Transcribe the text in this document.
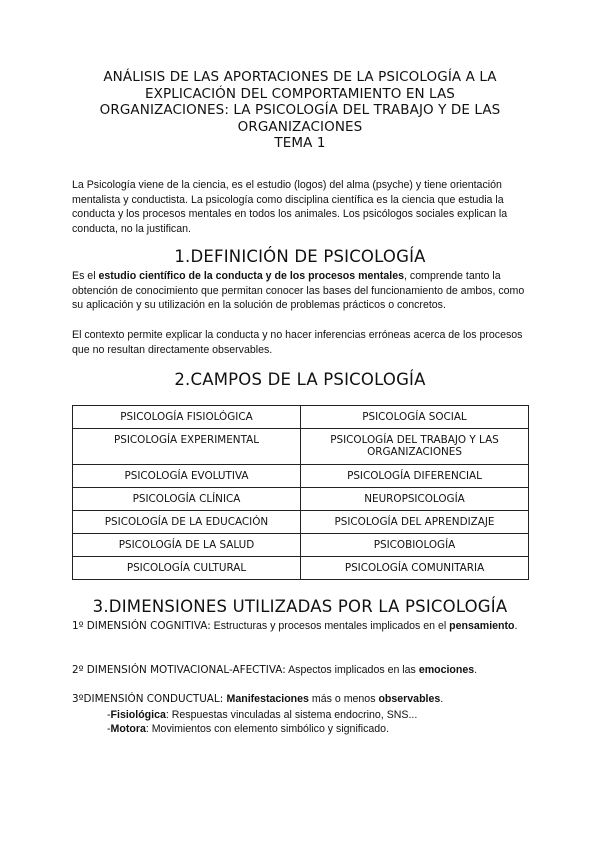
ANÁLISIS DE LAS APORTACIONES DE LA PSICOLOGÍA A LA
EXPLICACIÓN DEL COMPORTAMIENTO EN LAS
ORGANIZACIONES: LA PSICOLOGÍA DEL TRABAJO Y DE LAS
ORGANIZACIONES
TEMA 1
La Psicología viene de la ciencia, es el estudio (logos) del alma (psyche) y tiene orientación mentalista y conductista. La psicología como disciplina científica es la ciencia que estudia la conducta y los procesos mentales en todos los animales. Los psicólogos sociales explican la conducta, no la justifican.
1.DEFINICIÓN DE PSICOLOGÍA
Es el estudio científico de la conducta y de los procesos mentales, comprende tanto la obtención de conocimiento que permitan conocer las bases del funcionamiento de ambos, como su aplicación y su utilización en la solución de problemas prácticos o concretos.
El contexto permite explicar la conducta y no hacer inferencias erróneas acerca de los procesos que no resultan directamente observables.
2.CAMPOS DE LA PSICOLOGÍA
PSICOLOGÍA FISIOLÓGICA	PSICOLOGÍA SOCIAL
PSICOLOGÍA EXPERIMENTAL	PSICOLOGÍA DEL TRABAJO Y LAS ORGANIZACIONES
PSICOLOGÍA EVOLUTIVA	PSICOLOGÍA DIFERENCIAL
PSICOLOGÍA CLÍNICA	NEUROPSICOLOGÍA
PSICOLOGÍA DE LA EDUCACIÓN	PSICOLOGÍA DEL APRENDIZAJE
PSICOLOGÍA DE LA SALUD	PSICOBIOLOGÍA
PSICOLOGÍA CULTURAL	PSICOLOGÍA COMUNITARIA
3.DIMENSIONES UTILIZADAS POR LA PSICOLOGÍA
1º DIMENSIÓN COGNITIVA: Estructuras y procesos mentales implicados en el pensamiento.
2º DIMENSIÓN MOTIVACIONAL-AFECTIVA: Aspectos implicados en las emociones.
3ºDIMENSIÓN CONDUCTUAL: Manifestaciones más o menos observables.
-Fisiológica: Respuestas vinculadas al sistema endocrino, SNS...
-Motora: Movimientos con elemento simbólico y significado.
